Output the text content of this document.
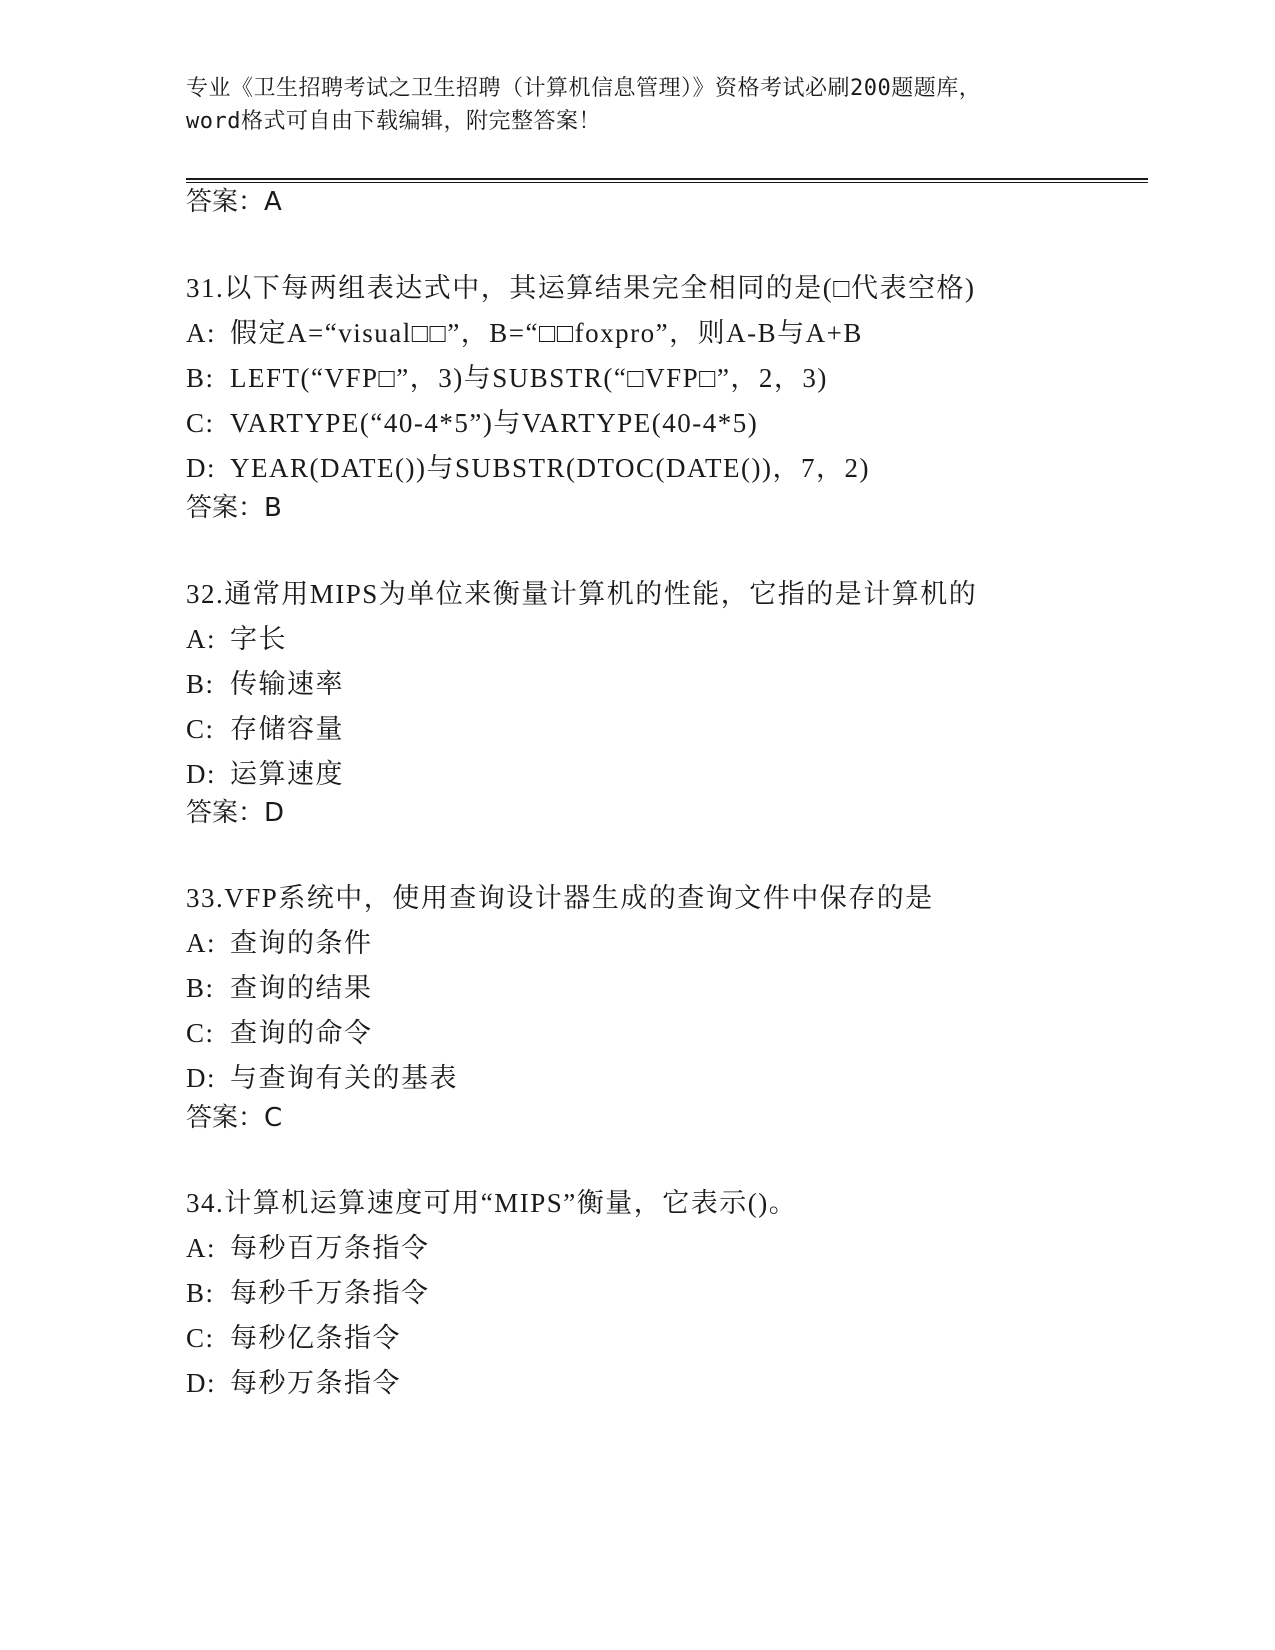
专业《卫生招聘考试之卫生招聘（计算机信息管理）》资格考试必刷200题题库，
word格式可自由下载编辑，附完整答案！
答案：A
31.以下每两组表达式中，其运算结果完全相同的是(□代表空格)
A: 假定A=“visual□□”，B=“□□foxpro”，则A-B与A+B
B: LEFT(“VFP□”，3)与SUBSTR(“□VFP□”，2，3)
C: VARTYPE(“40-4*5”)与VARTYPE(40-4*5)
D: YEAR(DATE())与SUBSTR(DTOC(DATE())，7，2)
答案：B
32.通常用MIPS为单位来衡量计算机的性能，它指的是计算机的
A: 字长
B: 传输速率
C: 存储容量
D: 运算速度
答案：D
33.VFP系统中，使用查询设计器生成的查询文件中保存的是
A: 查询的条件
B: 查询的结果
C: 查询的命令
D: 与查询有关的基表
答案：C
34.计算机运算速度可用“MIPS”衡量，它表示()。
A: 每秒百万条指令
B: 每秒千万条指令
C: 每秒亿条指令
D: 每秒万条指令
